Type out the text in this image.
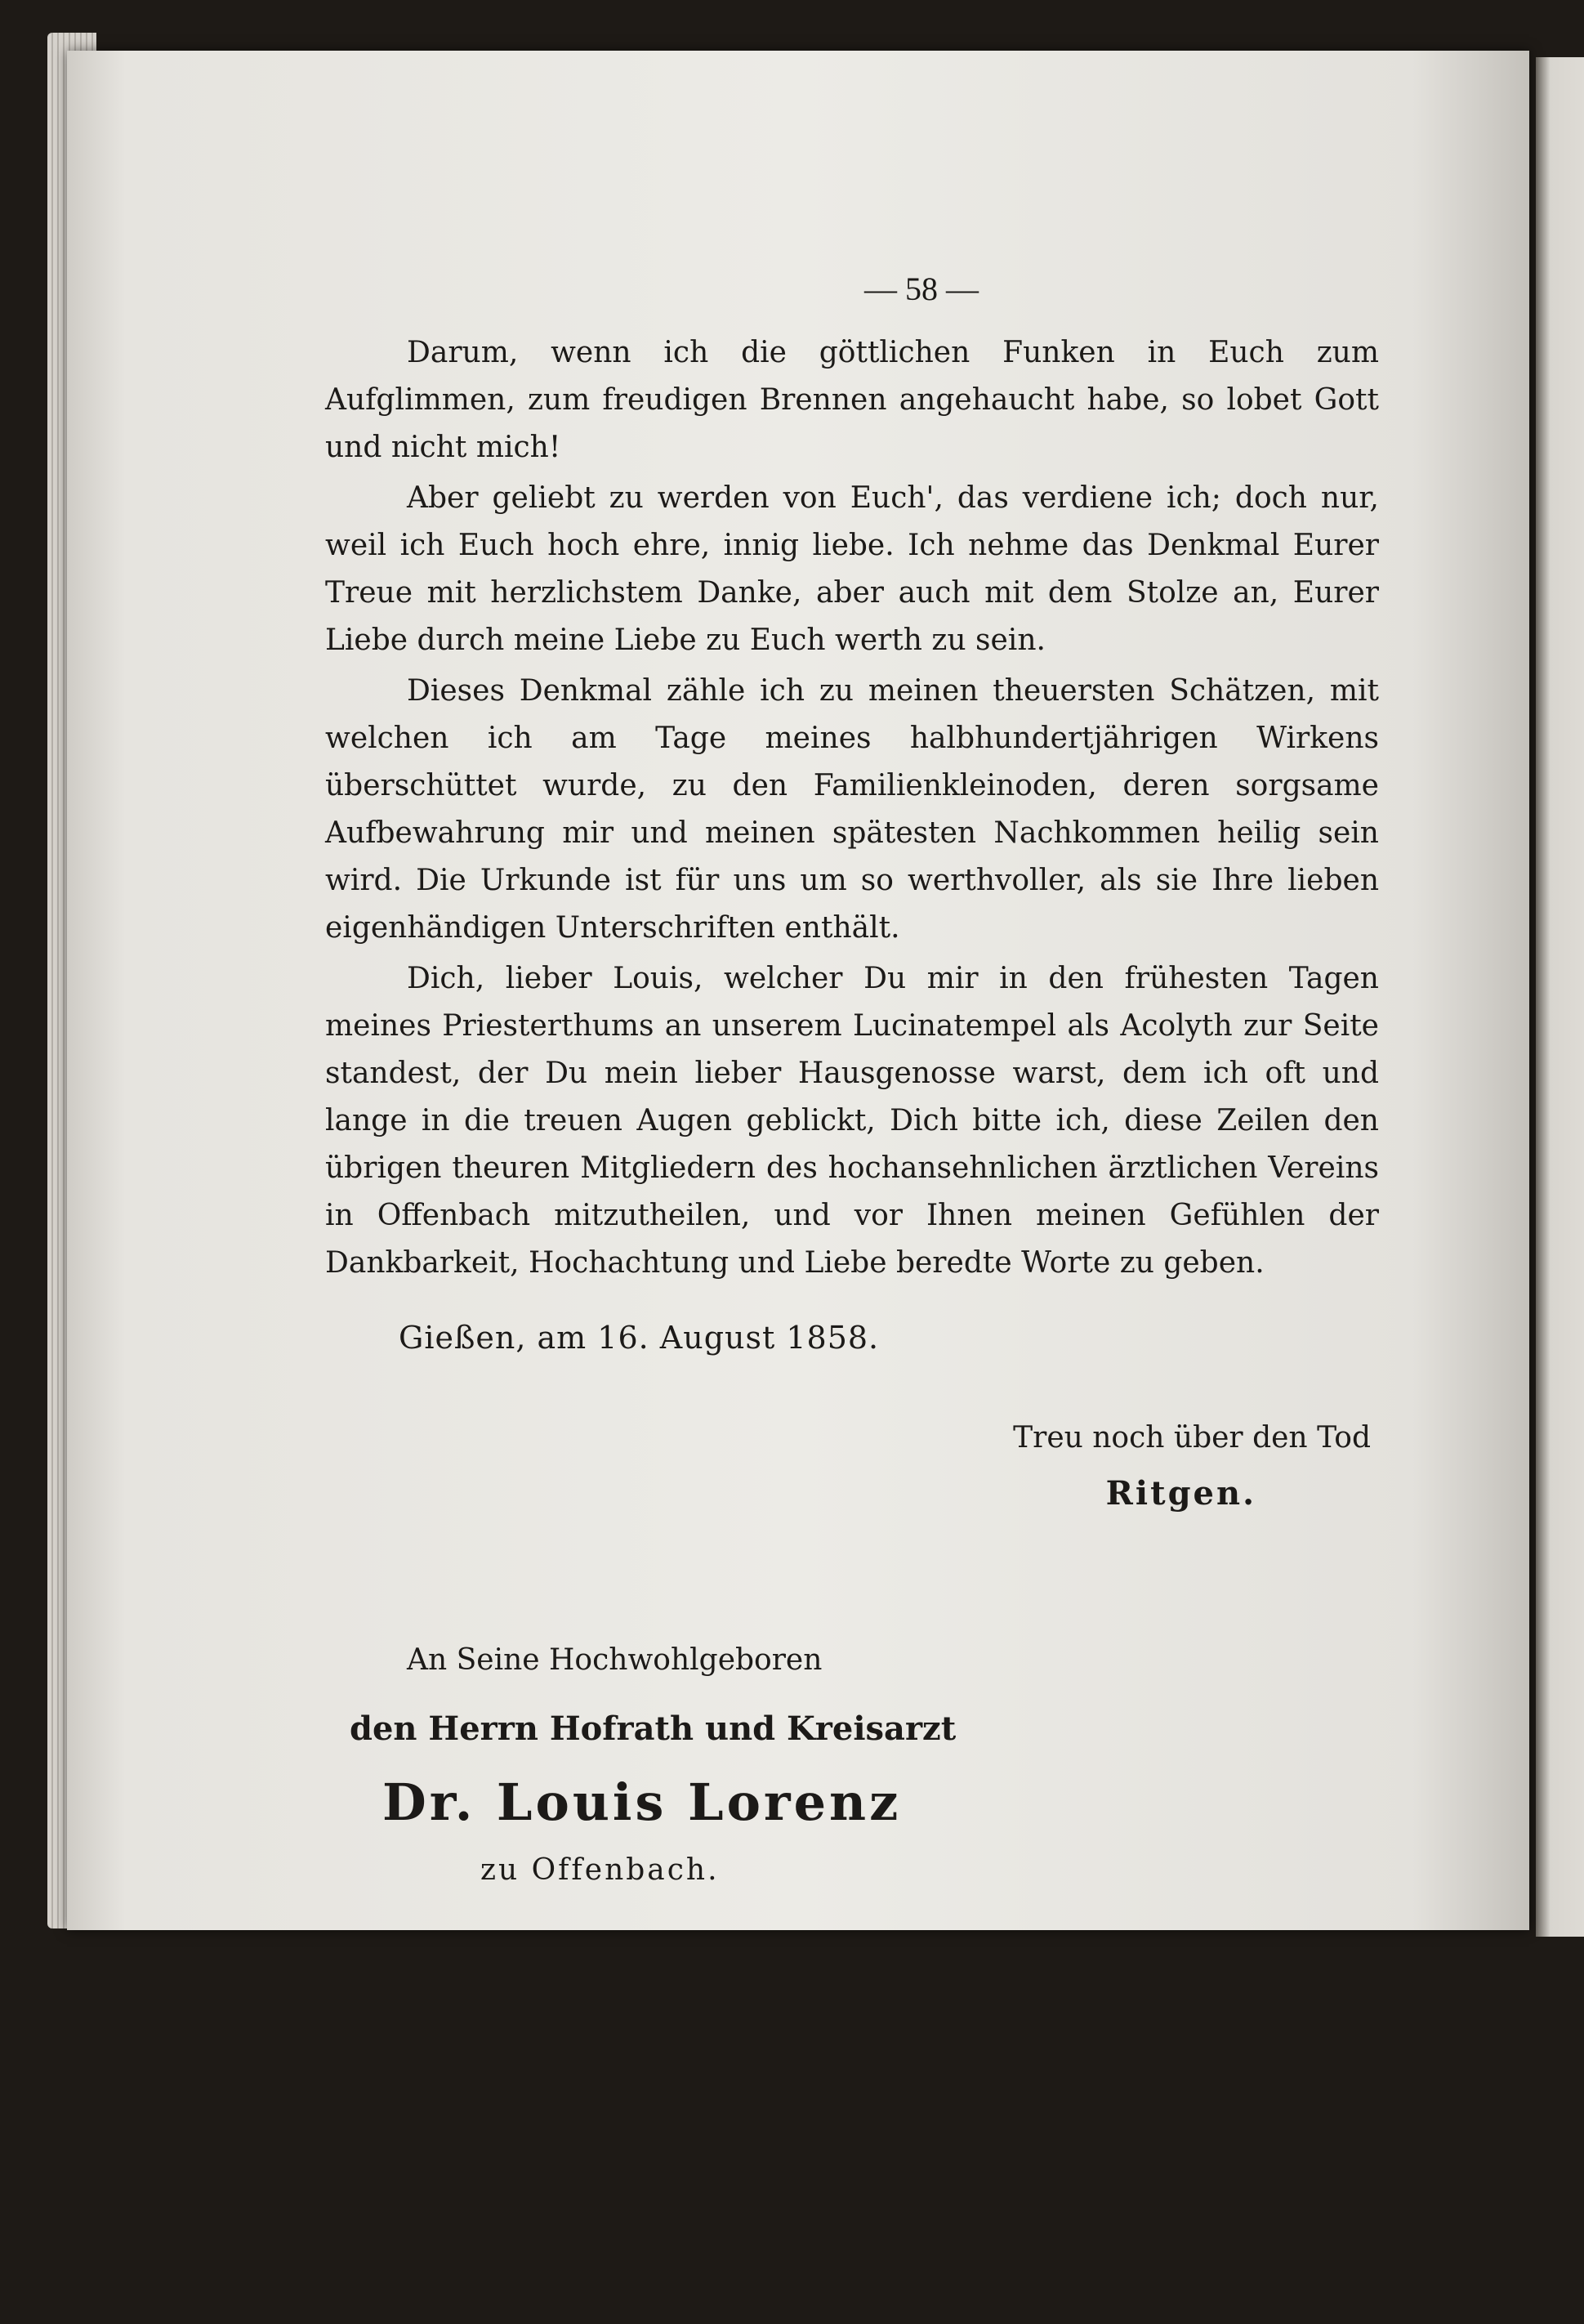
— 58 —

Darum, wenn ich die göttlichen Funken in Euch zum Aufglimmen, zum freudigen Brennen angehaucht habe, so lobet Gott und nicht mich!

Aber geliebt zu werden von Euch', das verdiene ich; doch nur, weil ich Euch hoch ehre, innig liebe. Ich nehme das Denkmal Eurer Treue mit herzlichstem Danke, aber auch mit dem Stolze an, Eurer Liebe durch meine Liebe zu Euch werth zu sein.

Dieses Denkmal zähle ich zu meinen theuersten Schätzen, mit welchen ich am Tage meines halbhundertjährigen Wirkens überschüttet wurde, zu den Familienkleinoden, deren sorgsame Aufbewahrung mir und meinen spätesten Nachkommen heilig sein wird. Die Urkunde ist für uns um so werthvoller, als sie Ihre lieben eigenhändigen Unterschriften enthält.

Dich, lieber Louis, welcher Du mir in den frühesten Tagen meines Priesterthums an unserem Lucinatempel als Acolyth zur Seite standest, der Du mein lieber Hausgenosse warst, dem ich oft und lange in die treuen Augen geblickt, Dich bitte ich, diese Zeilen den übrigen theuren Mitgliedern des hochansehnlichen ärztlichen Vereins in Offenbach mitzutheilen, und vor Ihnen meinen Gefühlen der Dankbarkeit, Hochachtung und Liebe beredte Worte zu geben.

Gießen, am 16. August 1858.
Treu noch über den Tod
Ritgen.
An Seine Hochwohlgeboren
den Herrn Hofrath und Kreisarzt
Dr. Louis Lorenz
zu Offenbach.
